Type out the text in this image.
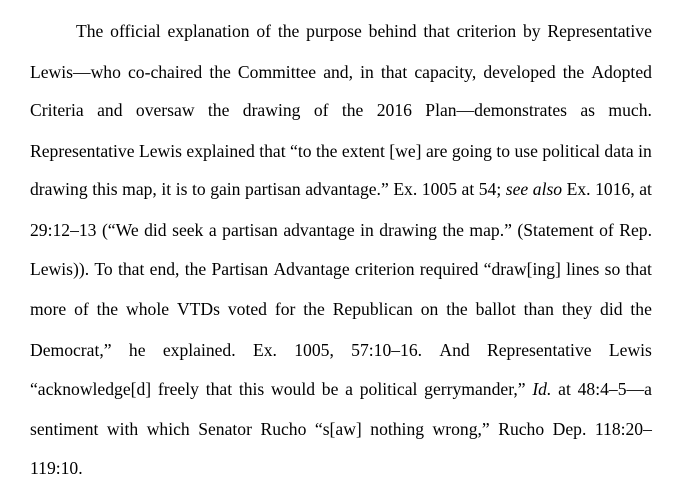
The official explanation of the purpose behind that criterion by Representative
Lewis—who co-chaired the Committee and, in that capacity, developed the Adopted
Criteria and oversaw the drawing of the 2016 Plan—demonstrates as much.
Representative Lewis explained that “to the extent [we] are going to use political data in
drawing this map, it is to gain partisan advantage.” Ex. 1005 at 54; see also Ex. 1016, at
29:12–13 (“We did seek a partisan advantage in drawing the map.” (Statement of Rep.
Lewis)). To that end, the Partisan Advantage criterion required “draw[ing] lines so that
more of the whole VTDs voted for the Republican on the ballot than they did the
Democrat,” he explained. Ex. 1005, 57:10–16. And Representative Lewis
“acknowledge[d] freely that this would be a political gerrymander,” Id. at 48:4–5—a
sentiment with which Senator Rucho “s[aw] nothing wrong,” Rucho Dep. 118:20–
119:10.
